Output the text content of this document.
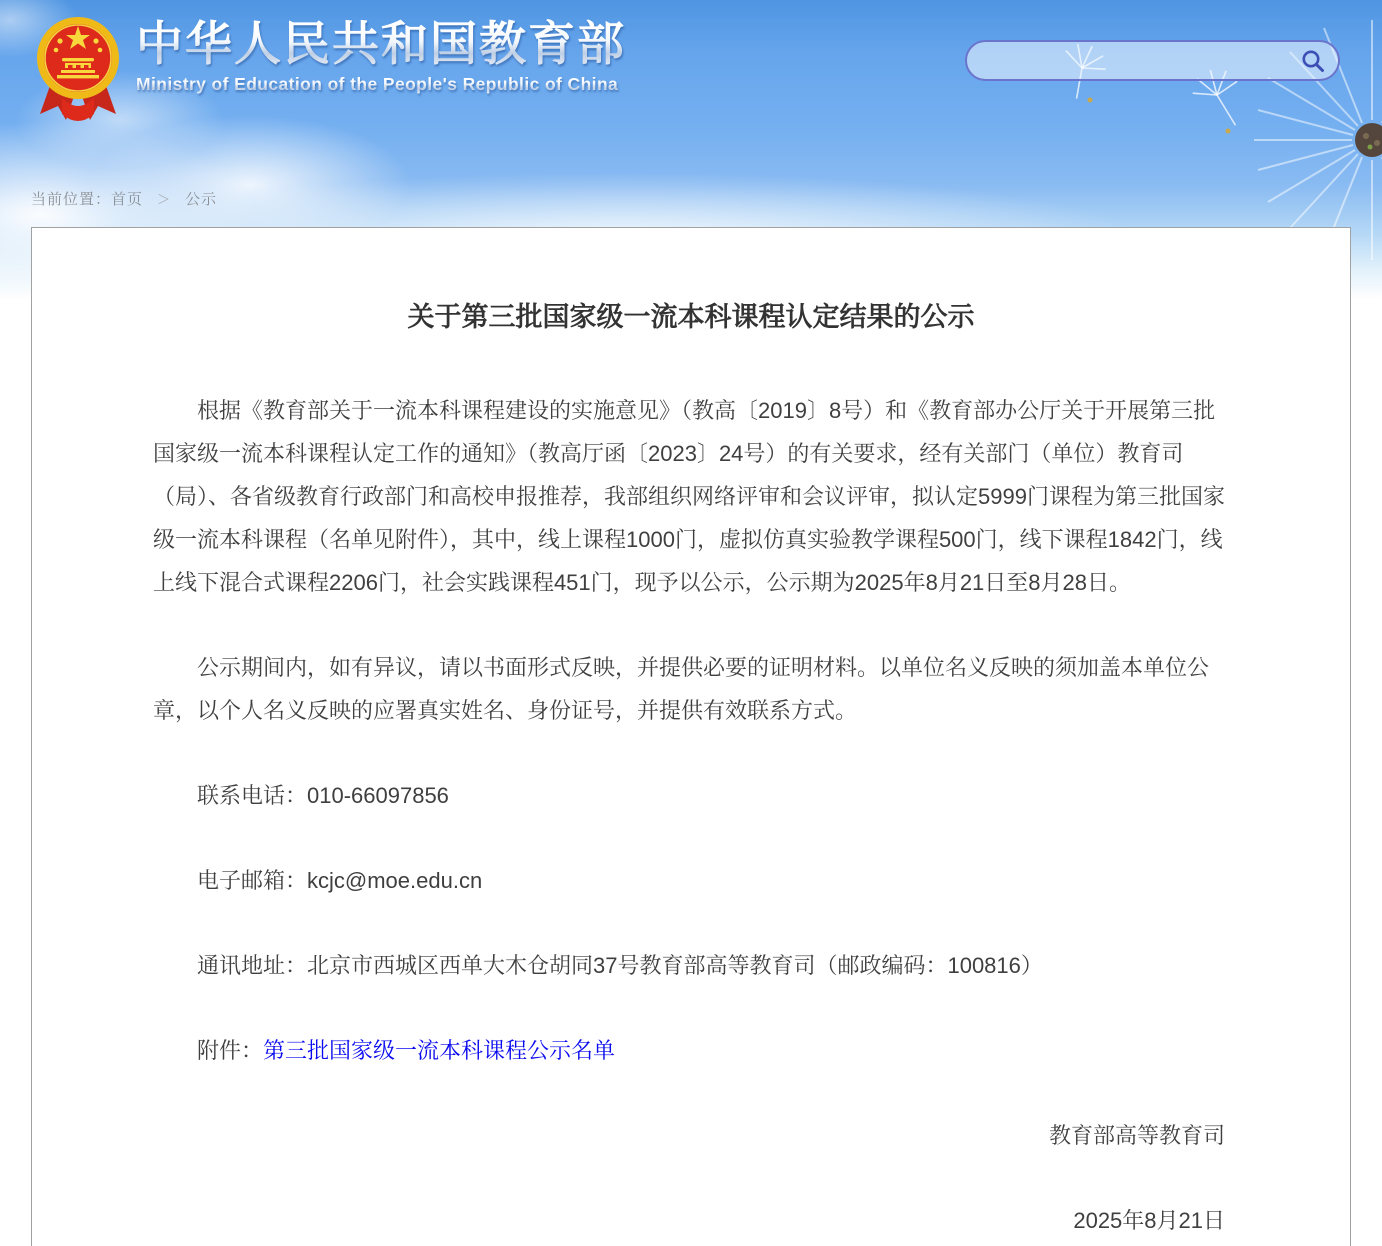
中华人民共和国教育部
Ministry of Education of the People's Republic of China
当前位置：首页 ＞ 公示
关于第三批国家级一流本科课程认定结果的公示

根据《教育部关于一流本科课程建设的实施意见》（教高〔2019〕8号）和《教育部办公厅关于开展第三批国家级一流本科课程认定工作的通知》（教高厅函〔2023〕24号）的有关要求，经有关部门（单位）教育司（局）、各省级教育行政部门和高校申报推荐，我部组织网络评审和会议评审，拟认定5999门课程为第三批国家级一流本科课程（名单见附件），其中，线上课程1000门，虚拟仿真实验教学课程500门，线下课程1842门，线上线下混合式课程2206门，社会实践课程451门，现予以公示，公示期为2025年8月21日至8月28日。

公示期间内，如有异议，请以书面形式反映，并提供必要的证明材料。以单位名义反映的须加盖本单位公章，以个人名义反映的应署真实姓名、身份证号，并提供有效联系方式。

联系电话：010-66097856

电子邮箱：kcjc@moe.edu.cn

通讯地址：北京市西城区西单大木仓胡同37号教育部高等教育司（邮政编码：100816）

附件：第三批国家级一流本科课程公示名单

教育部高等教育司

2025年8月21日
